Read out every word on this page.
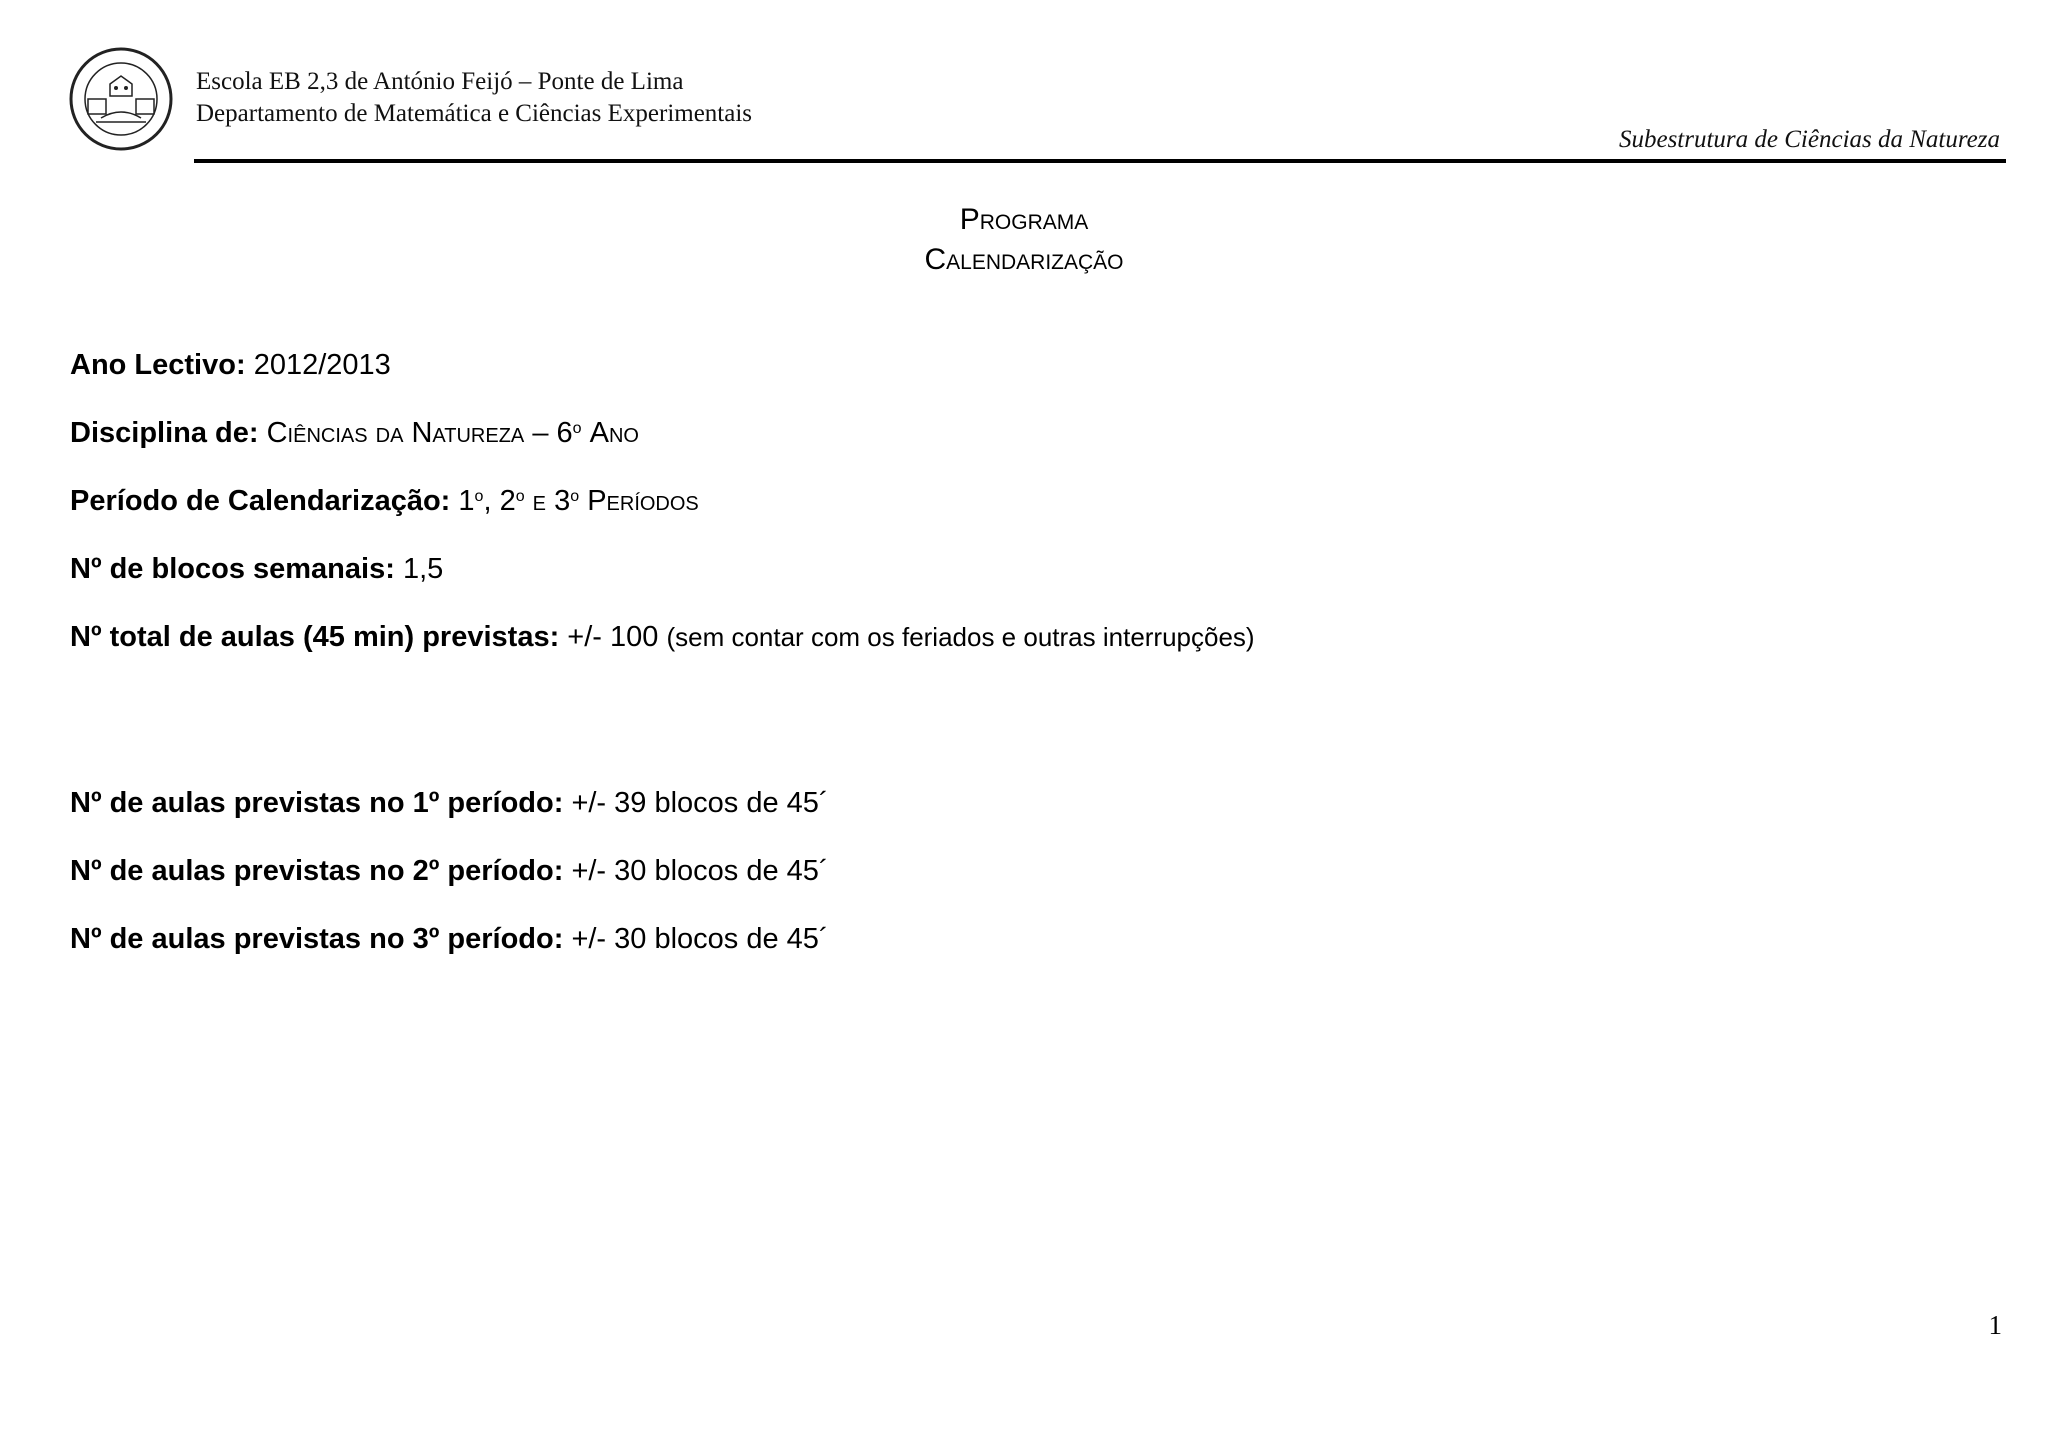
Escola EB 2,3 de António Feijó – Ponte de Lima
Departamento de Matemática e Ciências Experimentais
Subestrutura de Ciências da Natureza
Programa
Calendarização
Ano Lectivo: 2012/2013
Disciplina de: Ciências da Natureza – 6$^o$ Ano
Período de Calendarização: 1$^o$, 2$^o$ e 3$^o$ Períodos
Nº de blocos semanais: 1,5
Nº total de aulas (45 min) previstas: +/- 100 (sem contar com os feriados e outras interrupções)
Nº de aulas previstas no 1º período: +/- 39 blocos de 45´
Nº de aulas previstas no 2º período: +/- 30 blocos de 45´
Nº de aulas previstas no 3º período: +/- 30 blocos de 45´
1
